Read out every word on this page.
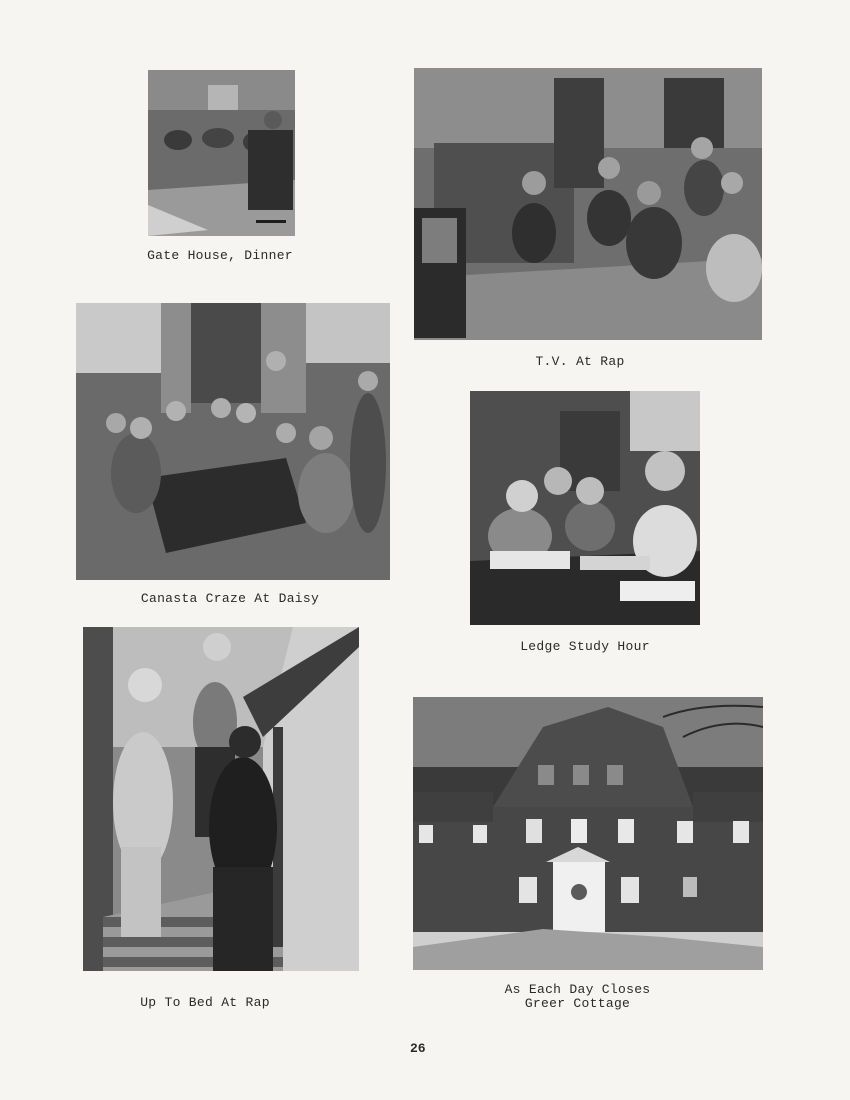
Gate House, Dinner
T.V. At Rap
Canasta Craze At Daisy
Ledge Study Hour
Up To Bed At Rap
As Each Day Closes
Greer Cottage
26
